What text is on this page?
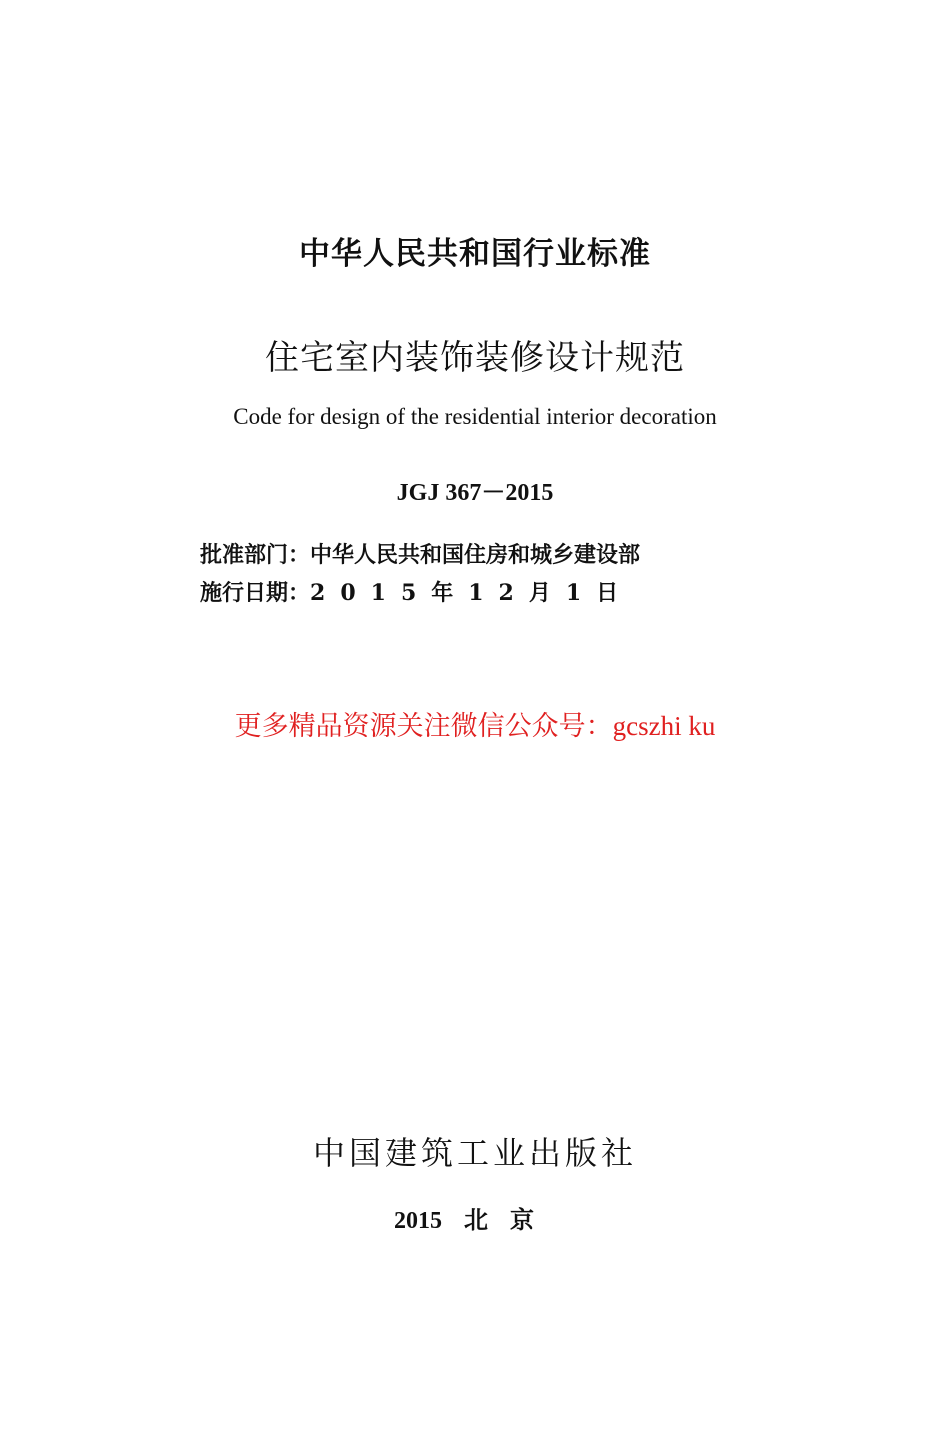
中华人民共和国行业标准
住宅室内装饰装修设计规范
Code for design of the residential interior decoration
JGJ 367－2015
批准部门：中华人民共和国住房和城乡建设部
施行日期：2015年12月1日
更多精品资源关注微信公众号：gcszhi ku
中国建筑工业出版社
2015 北京
